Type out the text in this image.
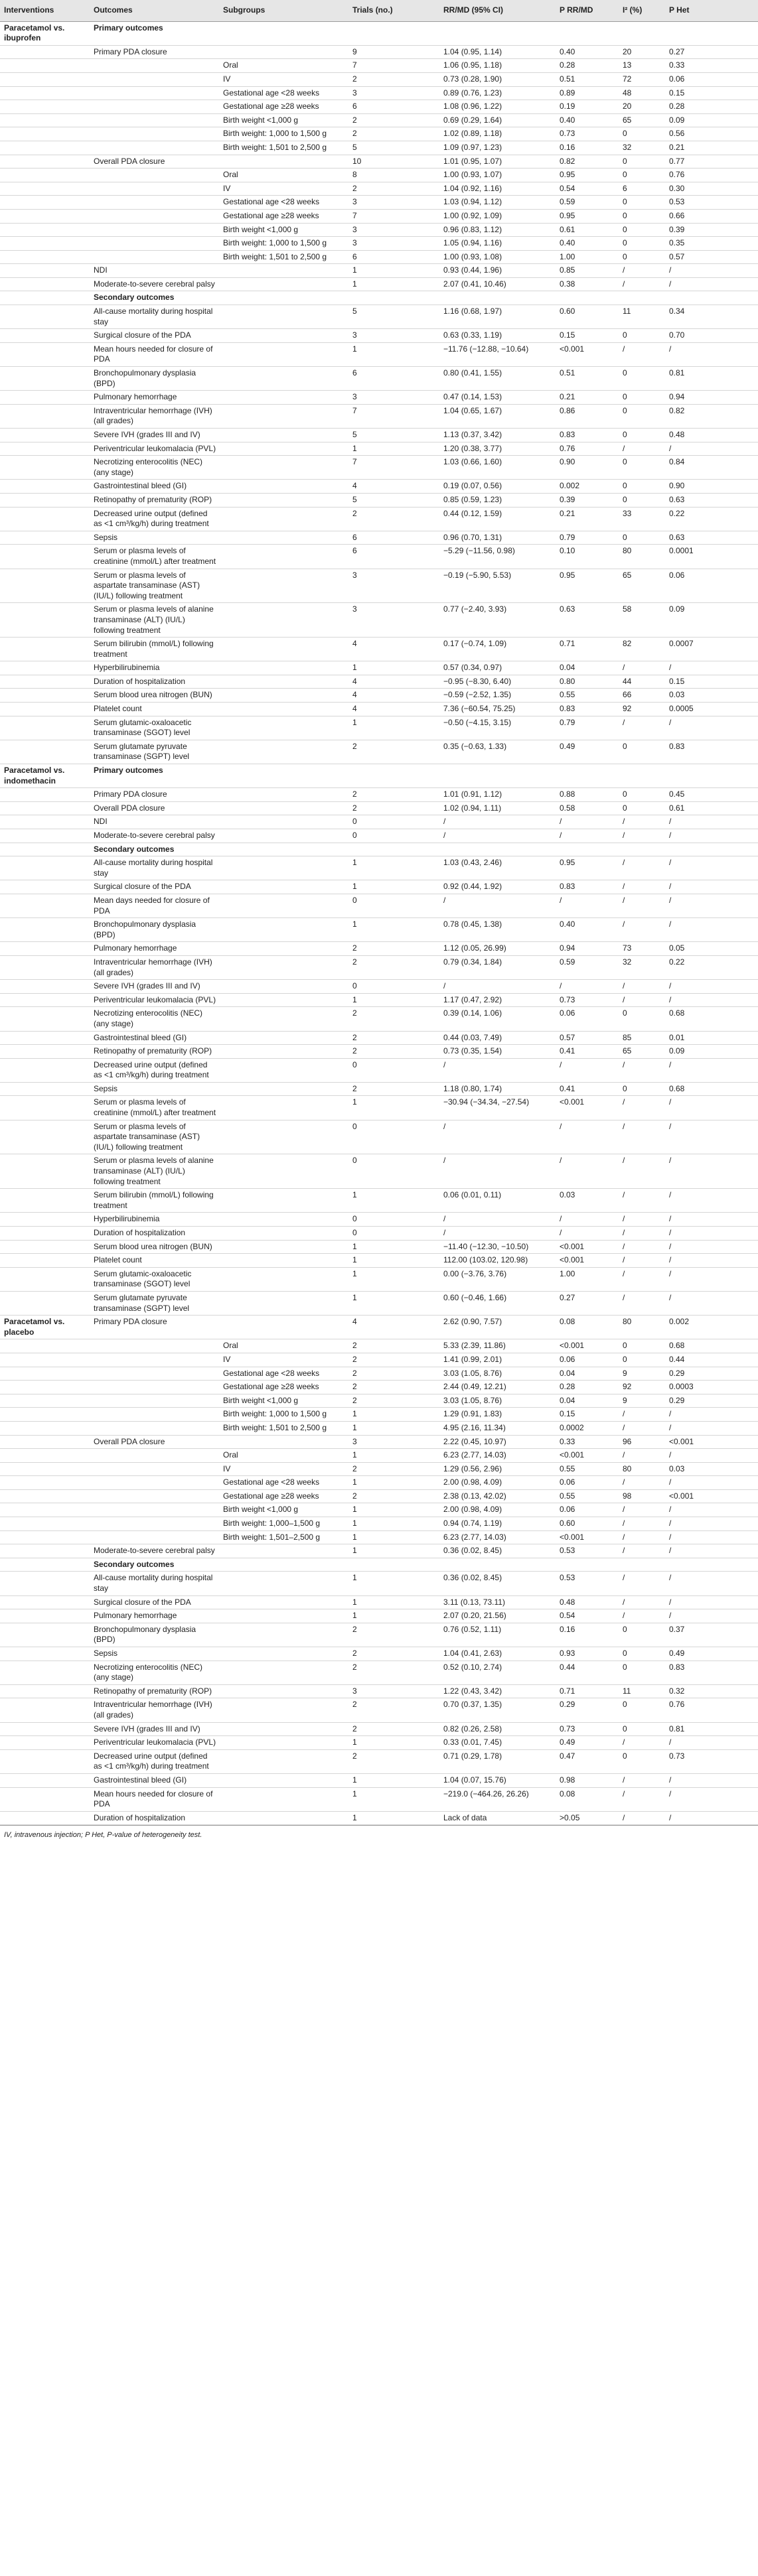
Interventions	Outcomes	Subgroups	Trials (no.)	RR/MD (95% CI)	P RR/MD	I² (%)	P Het
Paracetamol vs. ibuprofen	Primary outcomes						
	Primary PDA closure		9	1.04 (0.95, 1.14)	0.40	20	0.27
		Oral	7	1.06 (0.95, 1.18)	0.28	13	0.33
		IV	2	0.73 (0.28, 1.90)	0.51	72	0.06
		Gestational age <28 weeks	3	0.89 (0.76, 1.23)	0.89	48	0.15
		Gestational age ≥28 weeks	6	1.08 (0.96, 1.22)	0.19	20	0.28
		Birth weight <1,000 g	2	0.69 (0.29, 1.64)	0.40	65	0.09
		Birth weight: 1,000 to 1,500 g	2	1.02 (0.89, 1.18)	0.73	0	0.56
		Birth weight: 1,501 to 2,500 g	5	1.09 (0.97, 1.23)	0.16	32	0.21
	Overall PDA closure		10	1.01 (0.95, 1.07)	0.82	0	0.77
		Oral	8	1.00 (0.93, 1.07)	0.95	0	0.76
		IV	2	1.04 (0.92, 1.16)	0.54	6	0.30
		Gestational age <28 weeks	3	1.03 (0.94, 1.12)	0.59	0	0.53
		Gestational age ≥28 weeks	7	1.00 (0.92, 1.09)	0.95	0	0.66
		Birth weight <1,000 g	3	0.96 (0.83, 1.12)	0.61	0	0.39
		Birth weight: 1,000 to 1,500 g	3	1.05 (0.94, 1.16)	0.40	0	0.35
		Birth weight: 1,501 to 2,500 g	6	1.00 (0.93, 1.08)	1.00	0	0.57
	NDI		1	0.93 (0.44, 1.96)	0.85	/	/
	Moderate-to-severe cerebral palsy		1	2.07 (0.41, 10.46)	0.38	/	/
	Secondary outcomes						
	All-cause mortality during hospital stay		5	1.16 (0.68, 1.97)	0.60	11	0.34
	Surgical closure of the PDA		3	0.63 (0.33, 1.19)	0.15	0	0.70
	Mean hours needed for closure of PDA		1	−11.76 (−12.88, −10.64)	<0.001	/	/
	Bronchopulmonary dysplasia (BPD)		6	0.80 (0.41, 1.55)	0.51	0	0.81
	Pulmonary hemorrhage		3	0.47 (0.14, 1.53)	0.21	0	0.94
	Intraventricular hemorrhage (IVH) (all grades)		7	1.04 (0.65, 1.67)	0.86	0	0.82
	Severe IVH (grades III and IV)		5	1.13 (0.37, 3.42)	0.83	0	0.48
	Periventricular leukomalacia (PVL)		1	1.20 (0.38, 3.77)	0.76	/	/
	Necrotizing enterocolitis (NEC) (any stage)		7	1.03 (0.66, 1.60)	0.90	0	0.84
	Gastrointestinal bleed (GI)		4	0.19 (0.07, 0.56)	0.002	0	0.90
	Retinopathy of prematurity (ROP)		5	0.85 (0.59, 1.23)	0.39	0	0.63
	Decreased urine output (defined as <1 cm³/kg/h) during treatment		2	0.44 (0.12, 1.59)	0.21	33	0.22
	Sepsis		6	0.96 (0.70, 1.31)	0.79	0	0.63
	Serum or plasma levels of creatinine (mmol/L) after treatment		6	−5.29 (−11.56, 0.98)	0.10	80	0.0001
	Serum or plasma levels of aspartate transaminase (AST) (IU/L) following treatment		3	−0.19 (−5.90, 5.53)	0.95	65	0.06
	Serum or plasma levels of alanine transaminase (ALT) (IU/L) following treatment		3	0.77 (−2.40, 3.93)	0.63	58	0.09
	Serum bilirubin (mmol/L) following treatment		4	0.17 (−0.74, 1.09)	0.71	82	0.0007
	Hyperbilirubinemia		1	0.57 (0.34, 0.97)	0.04	/	/
	Duration of hospitalization		4	−0.95 (−8.30, 6.40)	0.80	44	0.15
	Serum blood urea nitrogen (BUN)		4	−0.59 (−2.52, 1.35)	0.55	66	0.03
	Platelet count		4	7.36 (−60.54, 75.25)	0.83	92	0.0005
	Serum glutamic-oxaloacetic transaminase (SGOT) level		1	−0.50 (−4.15, 3.15)	0.79	/	/
	Serum glutamate pyruvate transaminase (SGPT) level		2	0.35 (−0.63, 1.33)	0.49	0	0.83
Paracetamol vs. indomethacin	Primary outcomes						
	Primary PDA closure		2	1.01 (0.91, 1.12)	0.88	0	0.45
	Overall PDA closure		2	1.02 (0.94, 1.11)	0.58	0	0.61
	NDI		0	/	/	/	/
	Moderate-to-severe cerebral palsy		0	/	/	/	/
	Secondary outcomes						
	All-cause mortality during hospital stay		1	1.03 (0.43, 2.46)	0.95	/	/
	Surgical closure of the PDA		1	0.92 (0.44, 1.92)	0.83	/	/
	Mean days needed for closure of PDA		0	/	/	/	/
	Bronchopulmonary dysplasia (BPD)		1	0.78 (0.45, 1.38)	0.40	/	/
	Pulmonary hemorrhage		2	1.12 (0.05, 26.99)	0.94	73	0.05
	Intraventricular hemorrhage (IVH) (all grades)		2	0.79 (0.34, 1.84)	0.59	32	0.22
	Severe IVH (grades III and IV)		0	/	/	/	/
	Periventricular leukomalacia (PVL)		1	1.17 (0.47, 2.92)	0.73	/	/
	Necrotizing enterocolitis (NEC) (any stage)		2	0.39 (0.14, 1.06)	0.06	0	0.68
	Gastrointestinal bleed (GI)		2	0.44 (0.03, 7.49)	0.57	85	0.01
	Retinopathy of prematurity (ROP)		2	0.73 (0.35, 1.54)	0.41	65	0.09
	Decreased urine output (defined as <1 cm³/kg/h) during treatment		0	/	/	/	/
	Sepsis		2	1.18 (0.80, 1.74)	0.41	0	0.68
	Serum or plasma levels of creatinine (mmol/L) after treatment		1	−30.94 (−34.34, −27.54)	<0.001	/	/
	Serum or plasma levels of aspartate transaminase (AST) (IU/L) following treatment		0	/	/	/	/
	Serum or plasma levels of alanine transaminase (ALT) (IU/L) following treatment		0	/	/	/	/
	Serum bilirubin (mmol/L) following treatment		1	0.06 (0.01, 0.11)	0.03	/	/
	Hyperbilirubinemia		0	/	/	/	/
	Duration of hospitalization		0	/	/	/	/
	Serum blood urea nitrogen (BUN)		1	−11.40 (−12.30, −10.50)	<0.001	/	/
	Platelet count		1	112.00 (103.02, 120.98)	<0.001	/	/
	Serum glutamic-oxaloacetic transaminase (SGOT) level		1	0.00 (−3.76, 3.76)	1.00	/	/
	Serum glutamate pyruvate transaminase (SGPT) level		1	0.60 (−0.46, 1.66)	0.27	/	/
Paracetamol vs. placebo	Primary PDA closure		4	2.62 (0.90, 7.57)	0.08	80	0.002
		Oral	2	5.33 (2.39, 11.86)	<0.001	0	0.68
		IV	2	1.41 (0.99, 2.01)	0.06	0	0.44
		Gestational age <28 weeks	2	3.03 (1.05, 8.76)	0.04	9	0.29
		Gestational age ≥28 weeks	2	2.44 (0.49, 12.21)	0.28	92	0.0003
		Birth weight <1,000 g	2	3.03 (1.05, 8.76)	0.04	9	0.29
		Birth weight: 1,000 to 1,500 g	1	1.29 (0.91, 1.83)	0.15	/	/
		Birth weight: 1,501 to 2,500 g	1	4.95 (2.16, 11.34)	0.0002	/	/
	Overall PDA closure		3	2.22 (0.45, 10.97)	0.33	96	<0.001
		Oral	1	6.23 (2.77, 14.03)	<0.001	/	/
		IV	2	1.29 (0.56, 2.96)	0.55	80	0.03
		Gestational age <28 weeks	1	2.00 (0.98, 4.09)	0.06	/	/
		Gestational age ≥28 weeks	2	2.38 (0.13, 42.02)	0.55	98	<0.001
		Birth weight <1,000 g	1	2.00 (0.98, 4.09)	0.06	/	/
		Birth weight: 1,000–1,500 g	1	0.94 (0.74, 1.19)	0.60	/	/
		Birth weight: 1,501–2,500 g	1	6.23 (2.77, 14.03)	<0.001	/	/
	Moderate-to-severe cerebral palsy		1	0.36 (0.02, 8.45)	0.53	/	/
	Secondary outcomes						
	All-cause mortality during hospital stay		1	0.36 (0.02, 8.45)	0.53	/	/
	Surgical closure of the PDA		1	3.11 (0.13, 73.11)	0.48	/	/
	Pulmonary hemorrhage		1	2.07 (0.20, 21.56)	0.54	/	/
	Bronchopulmonary dysplasia (BPD)		2	0.76 (0.52, 1.11)	0.16	0	0.37
	Sepsis		2	1.04 (0.41, 2.63)	0.93	0	0.49
	Necrotizing enterocolitis (NEC) (any stage)		2	0.52 (0.10, 2.74)	0.44	0	0.83
	Retinopathy of prematurity (ROP)		3	1.22 (0.43, 3.42)	0.71	11	0.32
	Intraventricular hemorrhage (IVH) (all grades)		2	0.70 (0.37, 1.35)	0.29	0	0.76
	Severe IVH (grades III and IV)		2	0.82 (0.26, 2.58)	0.73	0	0.81
	Periventricular leukomalacia (PVL)		1	0.33 (0.01, 7.45)	0.49	/	/
	Decreased urine output (defined as <1 cm³/kg/h) during treatment		2	0.71 (0.29, 1.78)	0.47	0	0.73
	Gastrointestinal bleed (GI)		1	1.04 (0.07, 15.76)	0.98	/	/
	Mean hours needed for closure of PDA		1	−219.0 (−464.26, 26.26)	0.08	/	/
	Duration of hospitalization		1	Lack of data	>0.05	/	/
IV, intravenous injection; P Het, P-value of heterogeneity test.
